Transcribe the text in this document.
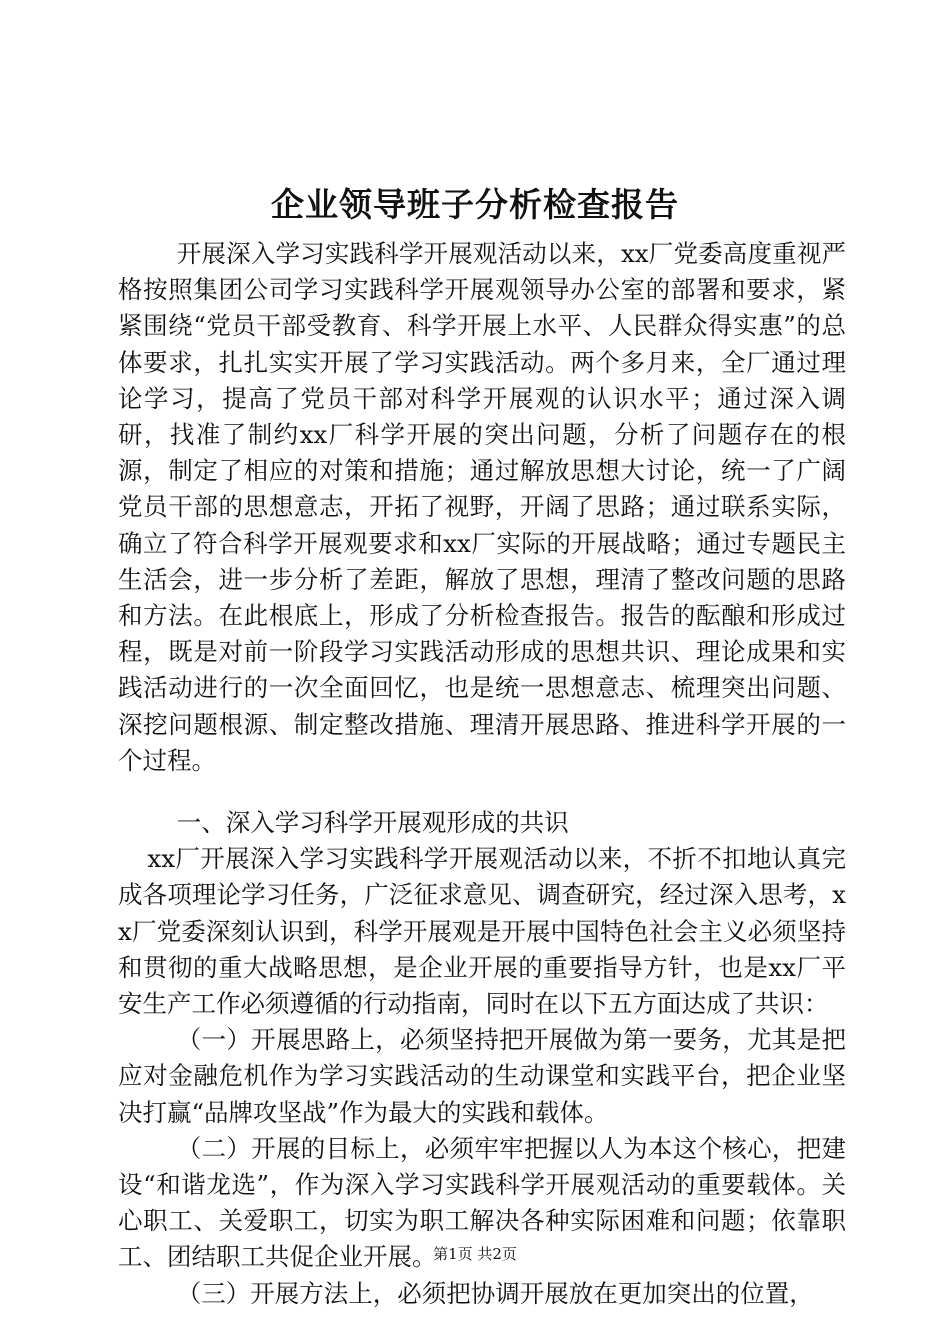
企业领导班子分析检查报告

开展深入学习实践科学开展观活动以来，xx厂党委高度重视严格按照集团公司学习实践科学开展观领导办公室的部署和要求，紧紧围绕“党员干部受教育、科学开展上水平、人民群众得实惠”的总体要求，扎扎实实开展了学习实践活动。两个多月来，全厂通过理论学习，提高了党员干部对科学开展观的认识水平；通过深入调研，找准了制约xx厂科学开展的突出问题，分析了问题存在的根源，制定了相应的对策和措施；通过解放思想大讨论，统一了广阔党员干部的思想意志，开拓了视野，开阔了思路；通过联系实际，确立了符合科学开展观要求和xx厂实际的开展战略；通过专题民主生活会，进一步分析了差距，解放了思想，理清了整改问题的思路和方法。在此根底上，形成了分析检查报告。报告的酝酿和形成过程，既是对前一阶段学习实践活动形成的思想共识、理论成果和实践活动进行的一次全面回忆，也是统一思想意志、梳理突出问题、深挖问题根源、制定整改措施、理清开展思路、推进科学开展的一个过程。

一、深入学习科学开展观形成的共识

xx厂开展深入学习实践科学开展观活动以来，不折不扣地认真完成各项理论学习任务，广泛征求意见、调查研究，经过深入思考，xx厂党委深刻认识到，科学开展观是开展中国特色社会主义必须坚持和贯彻的重大战略思想，是企业开展的重要指导方针，也是xx厂平安生产工作必须遵循的行动指南，同时在以下五方面达成了共识：

（一）开展思路上，必须坚持把开展做为第一要务，尤其是把应对金融危机作为学习实践活动的生动课堂和实践平台，把企业坚决打赢“品牌攻坚战”作为最大的实践和载体。

（二）开展的目标上，必须牢牢把握以人为本这个核心，把建设“和谐龙选”，作为深入学习实践科学开展观活动的重要载体。关心职工、关爱职工，切实为职工解决各种实际困难和问题；依靠职工、团结职工共促企业开展。

（三）开展方法上，必须把协调开展放在更加突出的位置，

第1页 共2页
